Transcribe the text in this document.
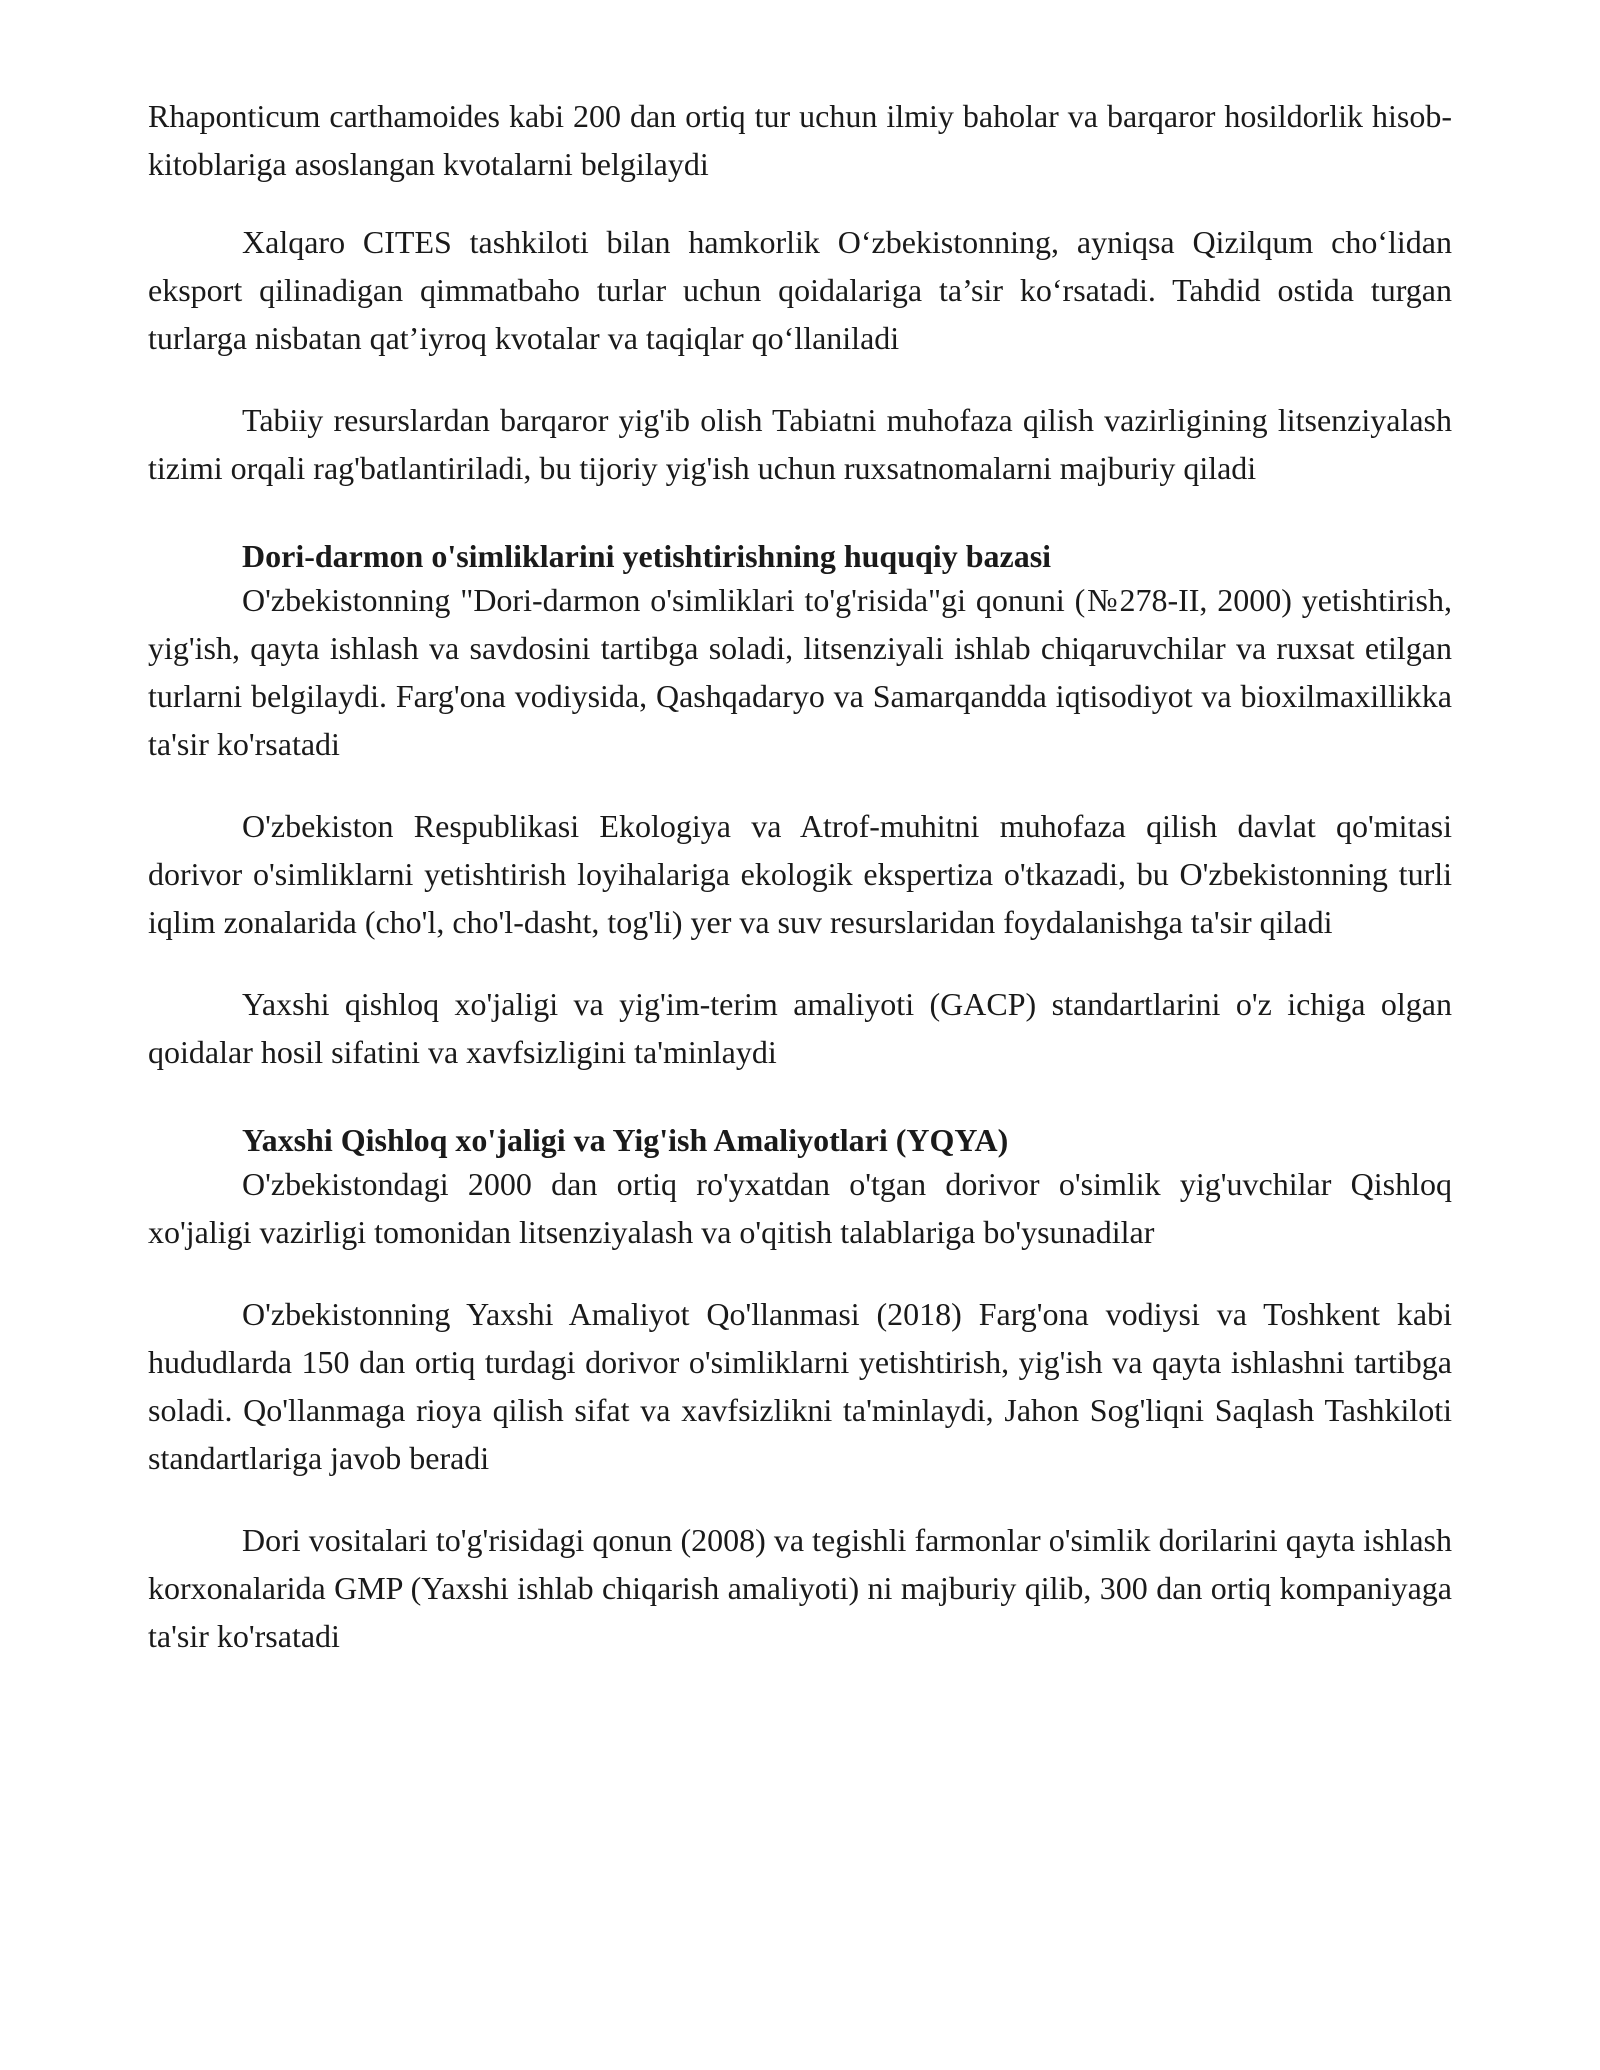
Rhaponticum carthamoides kabi 200 dan ortiq tur uchun ilmiy baholar va barqaror hosildorlik hisob-kitoblariga asoslangan kvotalarni belgilaydi

Xalqaro CITES tashkiloti bilan hamkorlik O‘zbekistonning, ayniqsa Qizilqum cho‘lidan eksport qilinadigan qimmatbaho turlar uchun qoidalariga ta’sir ko‘rsatadi. Tahdid ostida turgan turlarga nisbatan qat’iyroq kvotalar va taqiqlar qo‘llaniladi

Tabiiy resurslardan barqaror yig'ib olish Tabiatni muhofaza qilish vazirligining litsenziyalash tizimi orqali rag'batlantiriladi, bu tijoriy yig'ish uchun ruxsatnomalarni majburiy qiladi

Dori-darmon o'simliklarini yetishtirishning huquqiy bazasi

O'zbekistonning "Dori-darmon o'simliklari to'g'risida"gi qonuni (№278-II, 2000) yetishtirish, yig'ish, qayta ishlash va savdosini tartibga soladi, litsenziyali ishlab chiqaruvchilar va ruxsat etilgan turlarni belgilaydi. Farg'ona vodiysida, Qashqadaryo va Samarqandda iqtisodiyot va bioxilmaxillikka ta'sir ko'rsatadi

O'zbekiston Respublikasi Ekologiya va Atrof-muhitni muhofaza qilish davlat qo'mitasi dorivor o'simliklarni yetishtirish loyihalariga ekologik ekspertiza o'tkazadi, bu O'zbekistonning turli iqlim zonalarida (cho'l, cho'l-dasht, tog'li) yer va suv resurslaridan foydalanishga ta'sir qiladi

Yaxshi qishloq xo'jaligi va yig'im-terim amaliyoti (GACP) standartlarini o'z ichiga olgan qoidalar hosil sifatini va xavfsizligini ta'minlaydi

Yaxshi Qishloq xo'jaligi va Yig'ish Amaliyotlari (YQYA)

O'zbekistondagi 2000 dan ortiq ro'yxatdan o'tgan dorivor o'simlik yig'uvchilar Qishloq xo'jaligi vazirligi tomonidan litsenziyalash va o'qitish talablariga bo'ysunadilar

O'zbekistonning Yaxshi Amaliyot Qo'llanmasi (2018) Farg'ona vodiysi va Toshkent kabi hududlarda 150 dan ortiq turdagi dorivor o'simliklarni yetishtirish, yig'ish va qayta ishlashni tartibga soladi. Qo'llanmaga rioya qilish sifat va xavfsizlikni ta'minlaydi, Jahon Sog'liqni Saqlash Tashkiloti standartlariga javob beradi

Dori vositalari to'g'risidagi qonun (2008) va tegishli farmonlar o'simlik dorilarini qayta ishlash korxonalarida GMP (Yaxshi ishlab chiqarish amaliyoti) ni majburiy qilib, 300 dan ortiq kompaniyaga ta'sir ko'rsatadi
